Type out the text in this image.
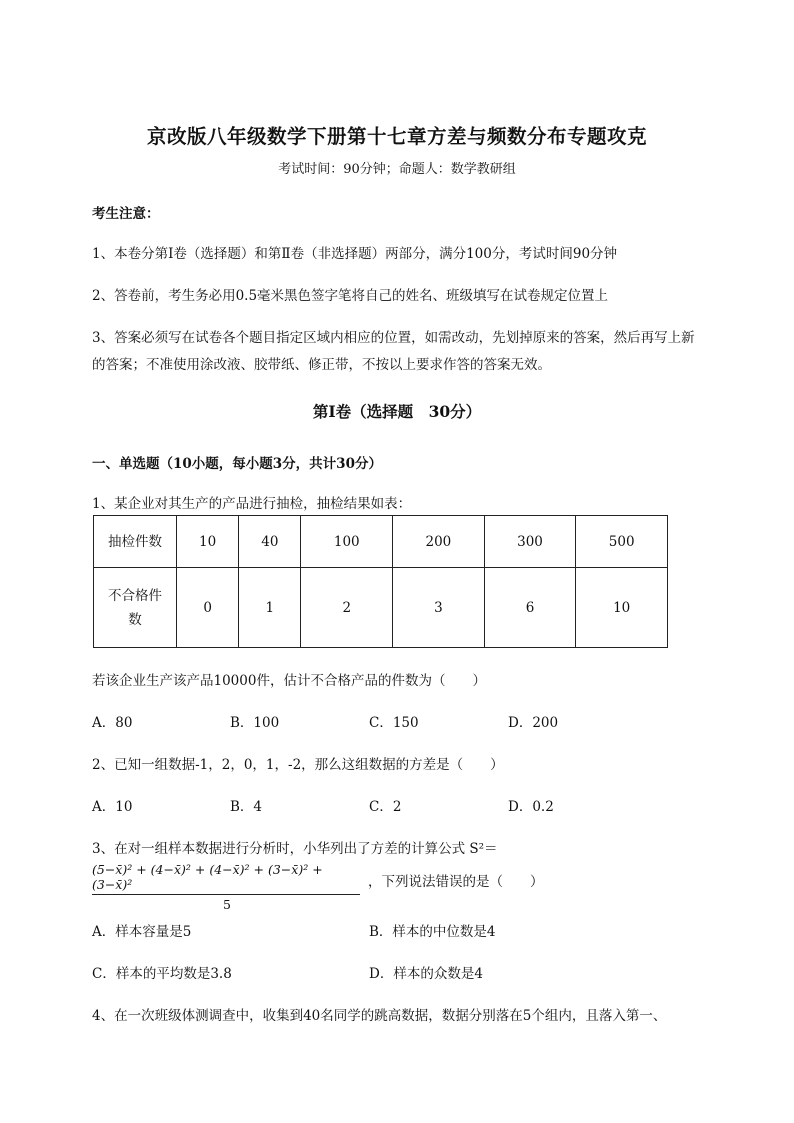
京改版八年级数学下册第十七章方差与频数分布专题攻克
考试时间：90分钟；命题人：数学教研组
考生注意：
1、本卷分第I卷（选择题）和第Ⅱ卷（非选择题）两部分，满分100分，考试时间90分钟
2、答卷前，考生务必用0.5毫米黑色签字笔将自己的姓名、班级填写在试卷规定位置上
3、答案必须写在试卷各个题目指定区域内相应的位置，如需改动，先划掉原来的答案，然后再写上新
的答案；不准使用涂改液、胶带纸、修正带，不按以上要求作答的答案无效。
第I卷（选择题　30分）
一、单选题（10小题，每小题3分，共计30分）
1、某企业对其生产的产品进行抽检，抽检结果如表：
抽检件数	10	40	100	200	300	500
不合格件
数	0	1	2	3	6	10
若该企业生产该产品10000件，估计不合格产品的件数为（　　）
A．80	B．100	C．150	D．200
2、已知一组数据-1，2，0，1，-2，那么这组数据的方差是（　　）
A．10	B．4	C．2	D．0.2
3、在对一组样本数据进行分析时，小华列出了方差的计算公式 S²＝
$\frac{\text{(5−x̄)² + (4−x̄)² + (4−x̄)² + (3−x̄)² + (3−x̄)²}}{5}$ ，下列说法错误的是（　　）
A．样本容量是5	B．样本的中位数是4
C．样本的平均数是3.8	D．样本的众数是4
4、在一次班级体测调查中，收集到40名同学的跳高数据，数据分别落在5个组内，且落入第一、
